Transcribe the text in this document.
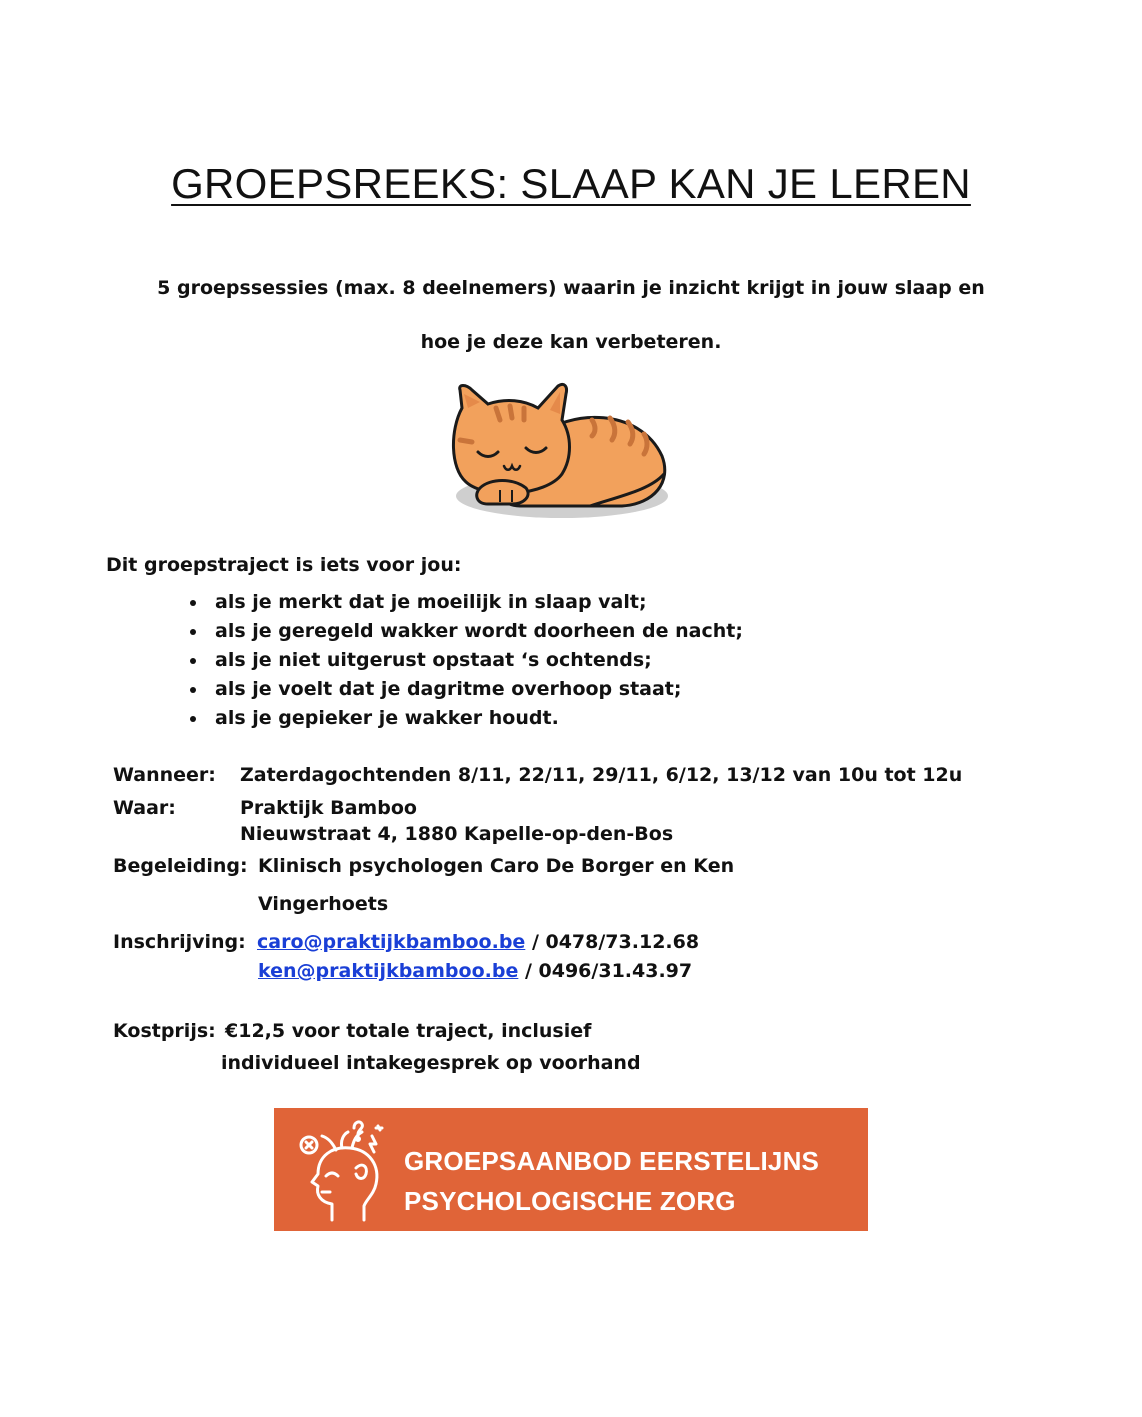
GROEPSREEKS: SLAAP KAN JE LEREN

5 groepssessies (max. 8 deelnemers) waarin je inzicht krijgt in jouw slaap en

hoe je deze kan verbeteren.

Dit groepstraject is iets voor jou:

als je merkt dat je moeilijk in slaap valt;
als je geregeld wakker wordt doorheen de nacht;
als je niet uitgerust opstaat ‘s ochtends;
als je voelt dat je dagritme overhoop staat;
als je gepieker je wakker houdt.

Wanneer: Zaterdagochtenden 8/11, 22/11, 29/11, 6/12, 13/12 van 10u tot 12u

Waar:	Praktijk Bamboo

Nieuwstraat 4, 1880 Kapelle-op-den-Bos

Begeleiding: Klinisch psychologen Caro De Borger en Ken

Vingerhoets

Inschrijving: caro@praktijkbamboo.be / 0478/73.12.68

ken@praktijkbamboo.be / 0496/31.43.97

Kostprijs: €12,5 voor totale traject, inclusief

individueel intakegesprek op voorhand

GROEPSAANBOD EERSTELIJNS

PSYCHOLOGISCHE ZORG
